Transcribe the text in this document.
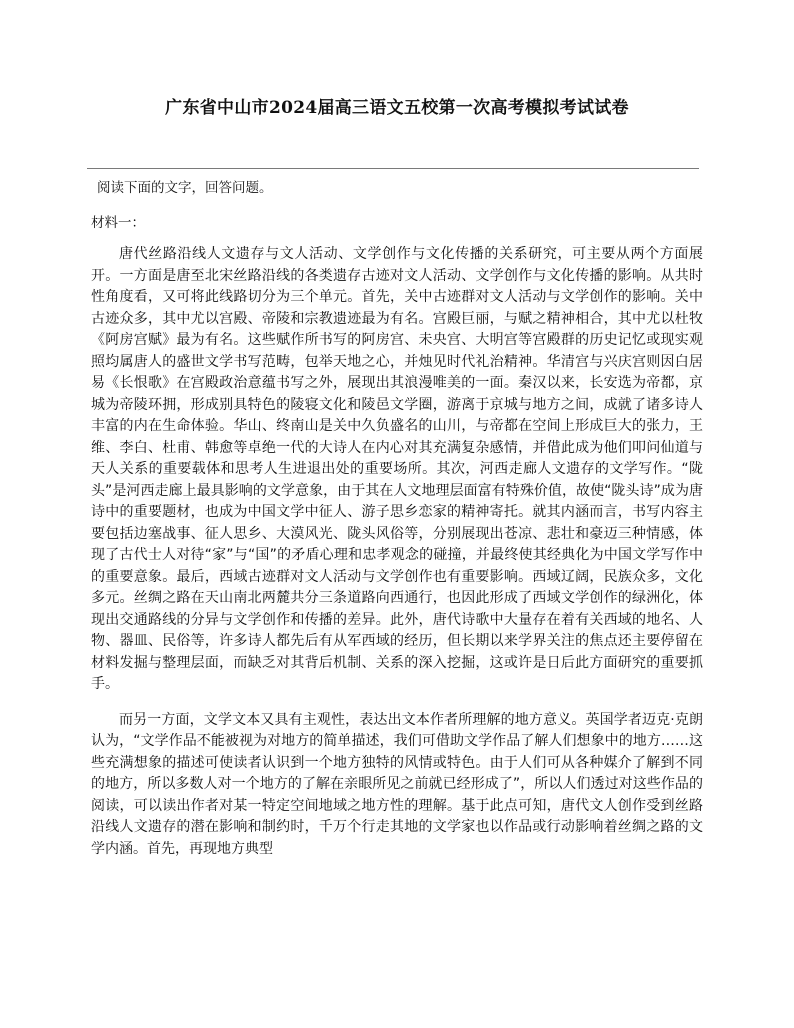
广东省中山市2024届高三语文五校第一次高考模拟考试试卷
阅读下面的文字，回答问题。
材料一：

唐代丝路沿线人文遗存与文人活动、文学创作与文化传播的关系研究，可主要从两个方面展开。一方面是唐至北宋丝路沿线的各类遗存古迹对文人活动、文学创作与文化传播的影响。从共时性角度看，又可将此线路切分为三个单元。首先，关中古迹群对文人活动与文学创作的影响。关中古迹众多，其中尤以宫殿、帝陵和宗教遗迹最为有名。宫殿巨丽，与赋之精神相合，其中尤以杜牧《阿房宫赋》最为有名。这些赋作所书写的阿房宫、未央宫、大明宫等宫殿群的历史记忆或现实观照均属唐人的盛世文学书写范畴，包举天地之心，并烛见时代礼治精神。华清宫与兴庆宫则因白居易《长恨歌》在宫殿政治意蕴书写之外，展现出其浪漫唯美的一面。秦汉以来，长安选为帝都，京城为帝陵环拥，形成别具特色的陵寝文化和陵邑文学圈，游离于京城与地方之间，成就了诸多诗人丰富的内在生命体验。华山、终南山是关中久负盛名的山川，与帝都在空间上形成巨大的张力，王维、李白、杜甫、韩愈等卓绝一代的大诗人在内心对其充满复杂感情，并借此成为他们叩问仙道与天人关系的重要载体和思考人生进退出处的重要场所。其次，河西走廊人文遗存的文学写作。“陇头”是河西走廊上最具影响的文学意象，由于其在人文地理层面富有特殊价值，故使“陇头诗”成为唐诗中的重要题材，也成为中国文学中征人、游子思乡恋家的精神寄托。就其内涵而言，书写内容主要包括边塞战事、征人思乡、大漠风光、陇头风俗等，分别展现出苍凉、悲壮和豪迈三种情感，体现了古代士人对待“家”与“国”的矛盾心理和忠孝观念的碰撞，并最终使其经典化为中国文学写作中的重要意象。最后，西域古迹群对文人活动与文学创作也有重要影响。西域辽阔，民族众多，文化多元。丝绸之路在天山南北两麓共分三条道路向西通行，也因此形成了西域文学创作的绿洲化，体现出交通路线的分异与文学创作和传播的差异。此外，唐代诗歌中大量存在着有关西域的地名、人物、器皿、民俗等，许多诗人都先后有从军西域的经历，但长期以来学界关注的焦点还主要停留在材料发掘与整理层面，而缺乏对其背后机制、关系的深入挖掘，这或许是日后此方面研究的重要抓手。

而另一方面，文学文本又具有主观性，表达出文本作者所理解的地方意义。英国学者迈克·克朗认为，“文学作品不能被视为对地方的简单描述，我们可借助文学作品了解人们想象中的地方……这些充满想象的描述可使读者认识到一个地方独特的风情或特色。由于人们可从各种媒介了解到不同的地方，所以多数人对一个地方的了解在亲眼所见之前就已经形成了”，所以人们透过对这些作品的阅读，可以读出作者对某一特定空间地域之地方性的理解。基于此点可知，唐代文人创作受到丝路沿线人文遗存的潜在影响和制约时，千万个行走其地的文学家也以作品或行动影响着丝绸之路的文学内涵。首先，再现地方典型
